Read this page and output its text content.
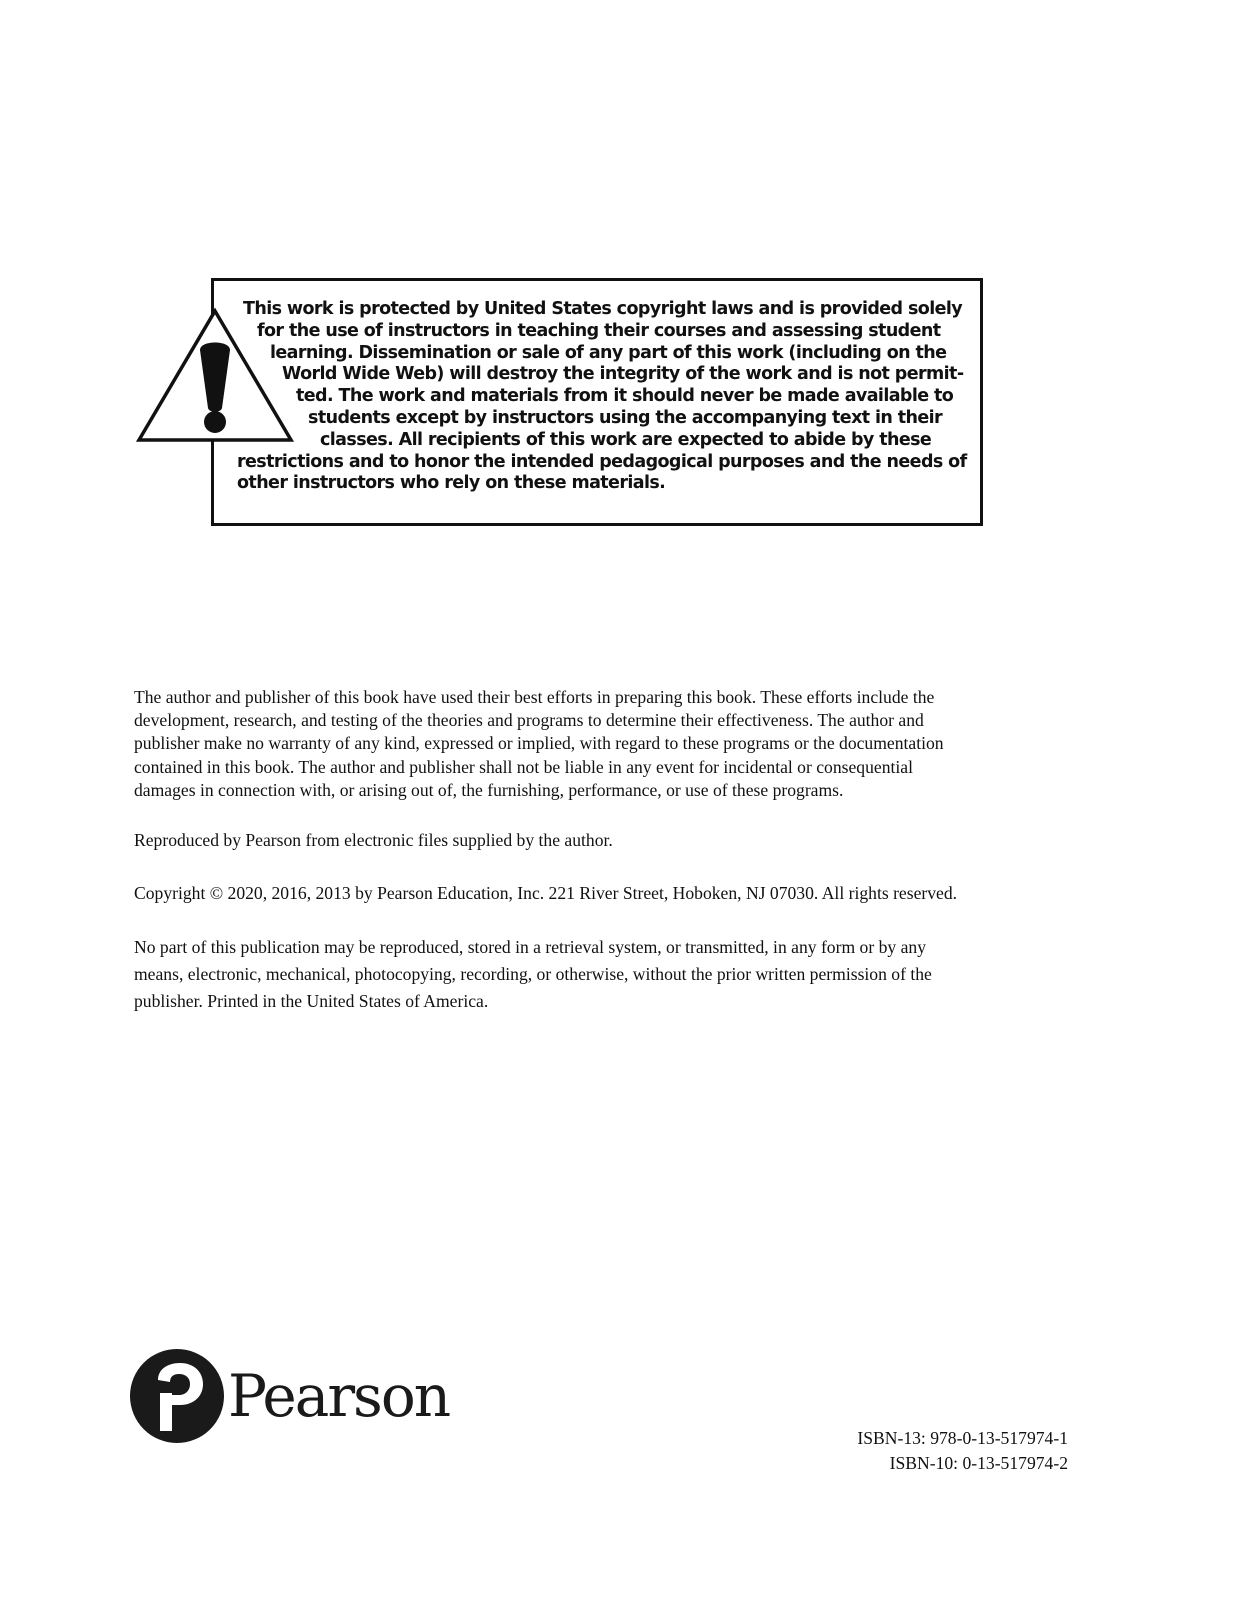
This work is protected by United States copyright laws and is provided solely
for the use of instructors in teaching their courses and assessing student
learning. Dissemination or sale of any part of this work (including on the
World Wide Web) will destroy the integrity of the work and is not permit-
ted. The work and materials from it should never be made available to
students except by instructors using the accompanying text in their
classes. All recipients of this work are expected to abide by these
restrictions and to honor the intended pedagogical purposes and the needs of
other instructors who rely on these materials.

The author and publisher of this book have used their best efforts in preparing this book. These efforts include the
development, research, and testing of the theories and programs to determine their effectiveness. The author and
publisher make no warranty of any kind, expressed or implied, with regard to these programs or the documentation
contained in this book. The author and publisher shall not be liable in any event for incidental or consequential
damages in connection with, or arising out of, the furnishing, performance, or use of these programs.

Reproduced by Pearson from electronic files supplied by the author.

Copyright © 2020, 2016, 2013 by Pearson Education, Inc. 221 River Street, Hoboken, NJ 07030. All rights reserved.

No part of this publication may be reproduced, stored in a retrieval system, or transmitted, in any form or by any
means, electronic, mechanical, photocopying, recording, or otherwise, without the prior written permission of the
publisher. Printed in the United States of America.

Pearson
ISBN-13: 978-0-13-517974-1
ISBN-10: 0-13-517974-2
